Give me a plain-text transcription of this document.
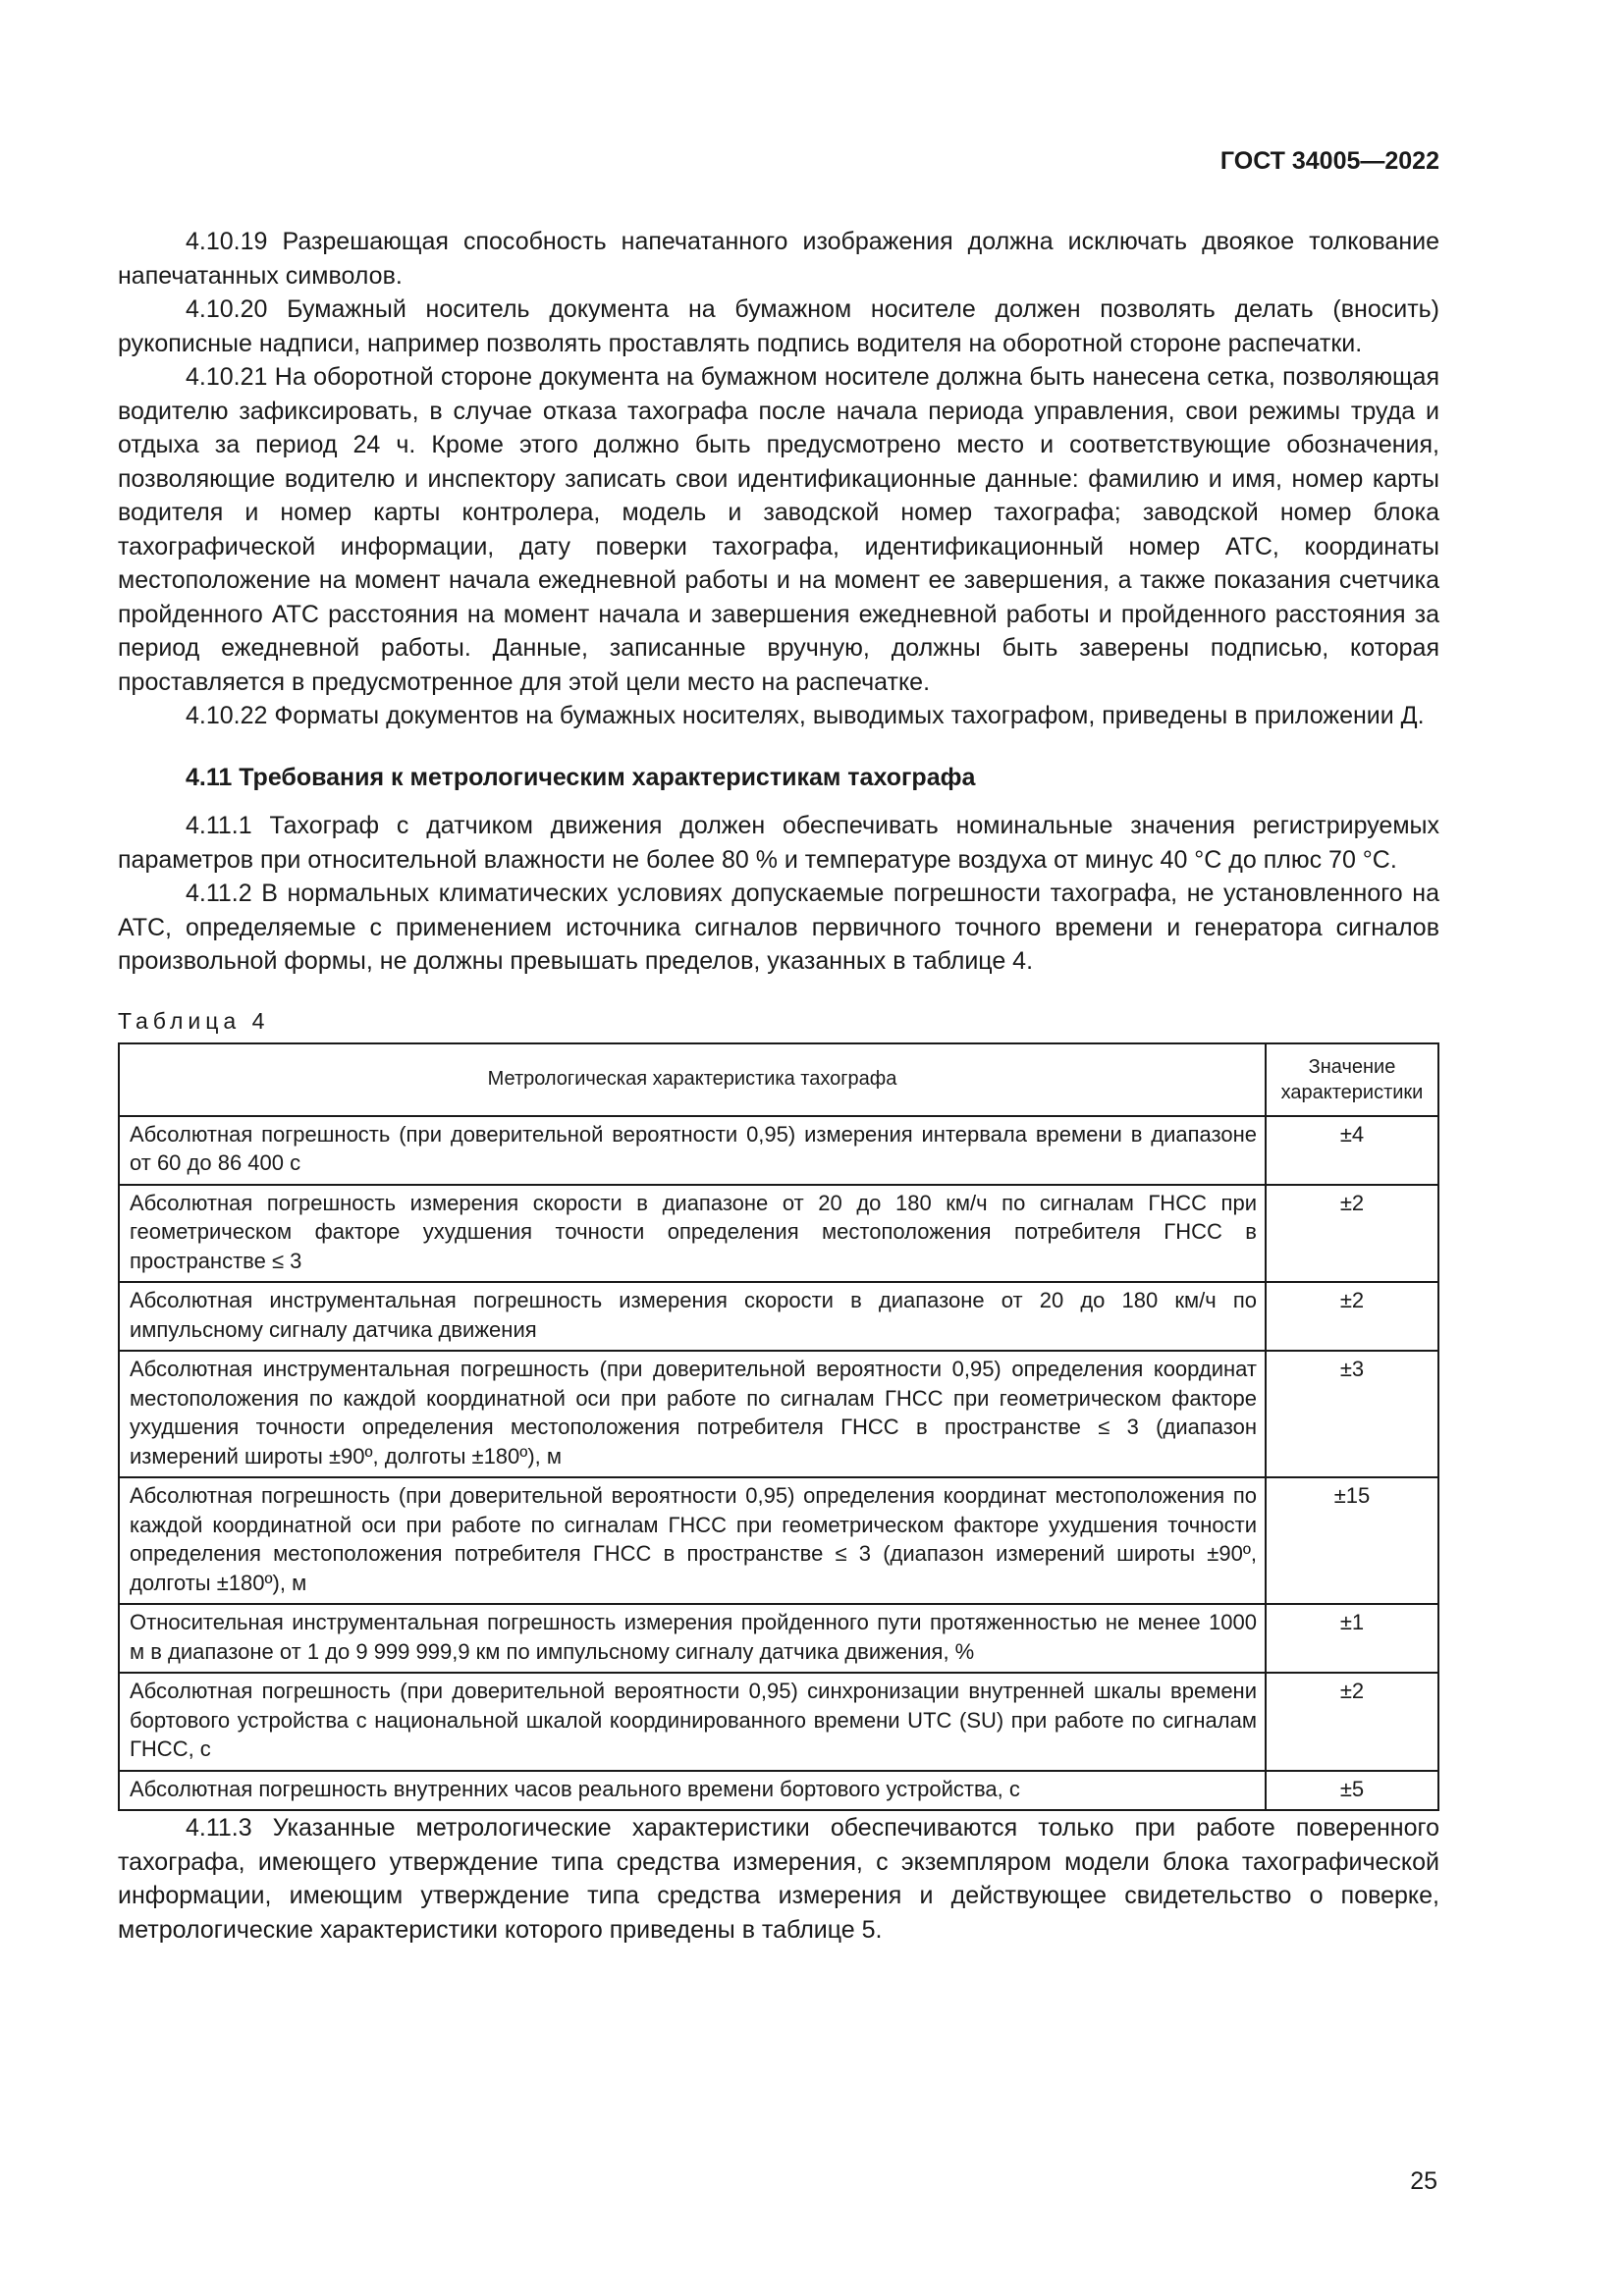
ГОСТ 34005—2022

4.10.19 Разрешающая способность напечатанного изображения должна исключать двоякое толкование напечатанных символов.

4.10.20 Бумажный носитель документа на бумажном носителе должен позволять делать (вносить) рукописные надписи, например позволять проставлять подпись водителя на оборотной стороне распечатки.

4.10.21 На оборотной стороне документа на бумажном носителе должна быть нанесена сетка, позволяющая водителю зафиксировать, в случае отказа тахографа после начала периода управления, свои режимы труда и отдыха за период 24 ч. Кроме этого должно быть предусмотрено место и соответствующие обозначения, позволяющие водителю и инспектору записать свои идентификационные данные: фамилию и имя, номер карты водителя и номер карты контролера, модель и заводской номер тахографа; заводской номер блока тахографической информации, дату поверки тахографа, идентификационный номер АТС, координаты местоположение на момент начала ежедневной работы и на момент ее завершения, а также показания счетчика пройденного АТС расстояния на момент начала и завершения ежедневной работы и пройденного расстояния за период ежедневной работы. Данные, записанные вручную, должны быть заверены подписью, которая проставляется в предусмотренное для этой цели место на распечатке.

4.10.22 Форматы документов на бумажных носителях, выводимых тахографом, приведены в приложении Д.

4.11 Требования к метрологическим характеристикам тахографа

4.11.1 Тахограф с датчиком движения должен обеспечивать номинальные значения регистрируемых параметров при относительной влажности не более 80 % и температуре воздуха от минус 40 °С до плюс 70 °С.

4.11.2 В нормальных климатических условиях допускаемые погрешности тахографа, не установленного на АТС, определяемые с применением источника сигналов первичного точного времени и генератора сигналов произвольной формы, не должны превышать пределов, указанных в таблице 4.

Таблица 4
Метрологическая характеристика тахографа	Значение характеристики
Абсолютная погрешность (при доверительной вероятности 0,95) измерения интервала времени в диапазоне от 60 до 86 400 с	±4
Абсолютная погрешность измерения скорости в диапазоне от 20 до 180 км/ч по сигналам ГНСС при геометрическом факторе ухудшения точности определения местоположения потребителя ГНСС в пространстве ≤ 3	±2
Абсолютная инструментальная погрешность измерения скорости в диапазоне от 20 до 180 км/ч по импульсному сигналу датчика движения	±2
Абсолютная инструментальная погрешность (при доверительной вероятности 0,95) определения координат местоположения по каждой координатной оси при работе по сигналам ГНСС при геометрическом факторе ухудшения точности определения местоположения потребителя ГНСС в пространстве ≤ 3 (диапазон измерений широты ±90º, долготы ±180º), м	±3
Абсолютная погрешность (при доверительной вероятности 0,95) определения координат местоположения по каждой координатной оси при работе по сигналам ГНСС при геометрическом факторе ухудшения точности определения местоположения потребителя ГНСС в пространстве ≤ 3 (диапазон измерений широты ±90º, долготы ±180º), м	±15
Относительная инструментальная погрешность измерения пройденного пути протяженностью не менее 1000 м в диапазоне от 1 до 9 999 999,9 км по импульсному сигналу датчика движения, %	±1
Абсолютная погрешность (при доверительной вероятности 0,95) синхронизации внутренней шкалы времени бортового устройства с национальной шкалой координированного времени UTC (SU) при работе по сигналам ГНСС, с	±2
Абсолютная погрешность внутренних часов реального времени бортового устройства, с	±5

4.11.3 Указанные метрологические характеристики обеспечиваются только при работе поверенного тахографа, имеющего утверждение типа средства измерения, с экземпляром модели блока тахографической информации, имеющим утверждение типа средства измерения и действующее свидетельство о поверке, метрологические характеристики которого приведены в таблице 5.

25
